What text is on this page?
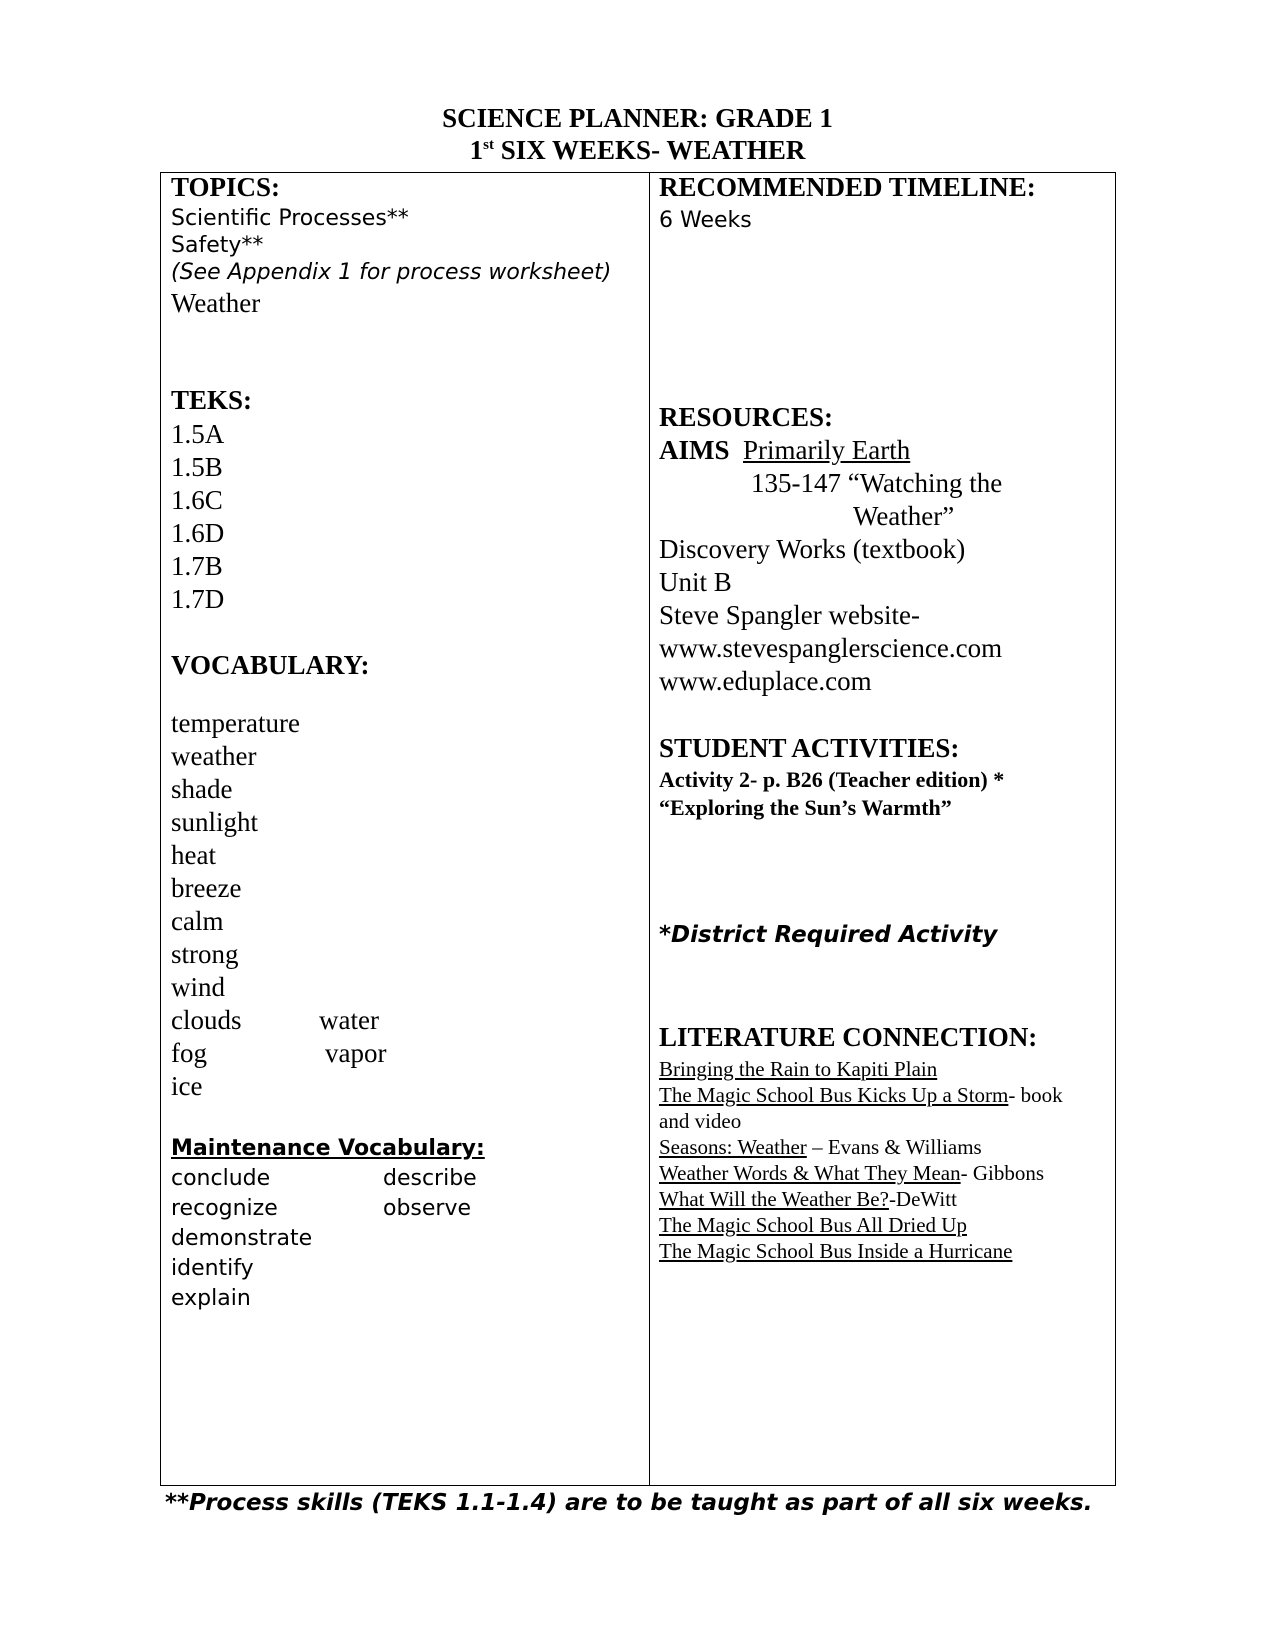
SCIENCE PLANNER: GRADE 1
1st SIX WEEKS- WEATHER
TOPICS:
Scientific Processes**
Safety**
(See Appendix 1 for process worksheet)
Weather
TEKS:
1.5A
1.5B
1.6C
1.6D
1.7B
1.7D
VOCABULARY:
temperature
weather
shade
sunlight
heat
breeze
calm
strong
wind
clouds
fog
ice
water
vapor
Maintenance Vocabulary:
conclude
recognize
demonstrate
identify
explain
describe
observe
RECOMMENDED TIMELINE:
6 Weeks
RESOURCES:
AIMS Primarily Earth
135-147 “Watching the
Weather”
Discovery Works (textbook)
Unit B
Steve Spangler website-
www.stevespanglerscience.com
www.eduplace.com
STUDENT ACTIVITIES:
Activity 2- p. B26 (Teacher edition) *
“Exploring the Sun’s Warmth”
*District Required Activity
LITERATURE CONNECTION:
Bringing the Rain to Kapiti Plain
The Magic School Bus Kicks Up a Storm- book
and video
Seasons: Weather – Evans & Williams
Weather Words & What They Mean- Gibbons
What Will the Weather Be?-DeWitt
The Magic School Bus All Dried Up
The Magic School Bus Inside a Hurricane
**Process skills (TEKS 1.1-1.4) are to be taught as part of all six weeks.
